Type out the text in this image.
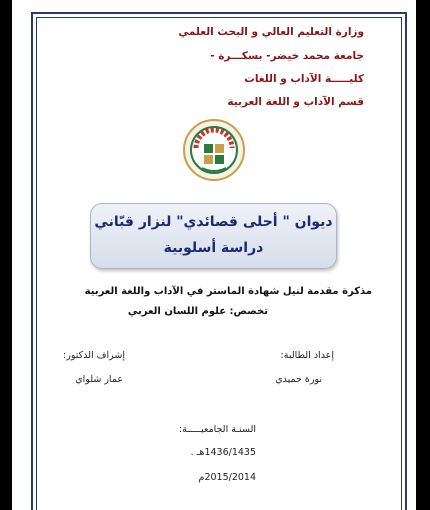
وزارة التعليم العالي و البحث العلمي
جامعة محمد خيضر- بسكـــرة -
كليـــــة الآداب و اللغات
قسم الآداب و اللغة العربية
ديوان " أحلى قصائدي" لنزار قبّاني
دراسة أسلوبية
مذكرة مقدمة لنيل شهادة الماستر في الآداب واللغة العربية
تخصص: علوم اللسان العربي
إعداد الطالبة:
نورة حميدي
إشراف الدكتور:
عمار شلواي
السنـة الجامعيـــــة:
1436/1435هـ .
2015/2014م
